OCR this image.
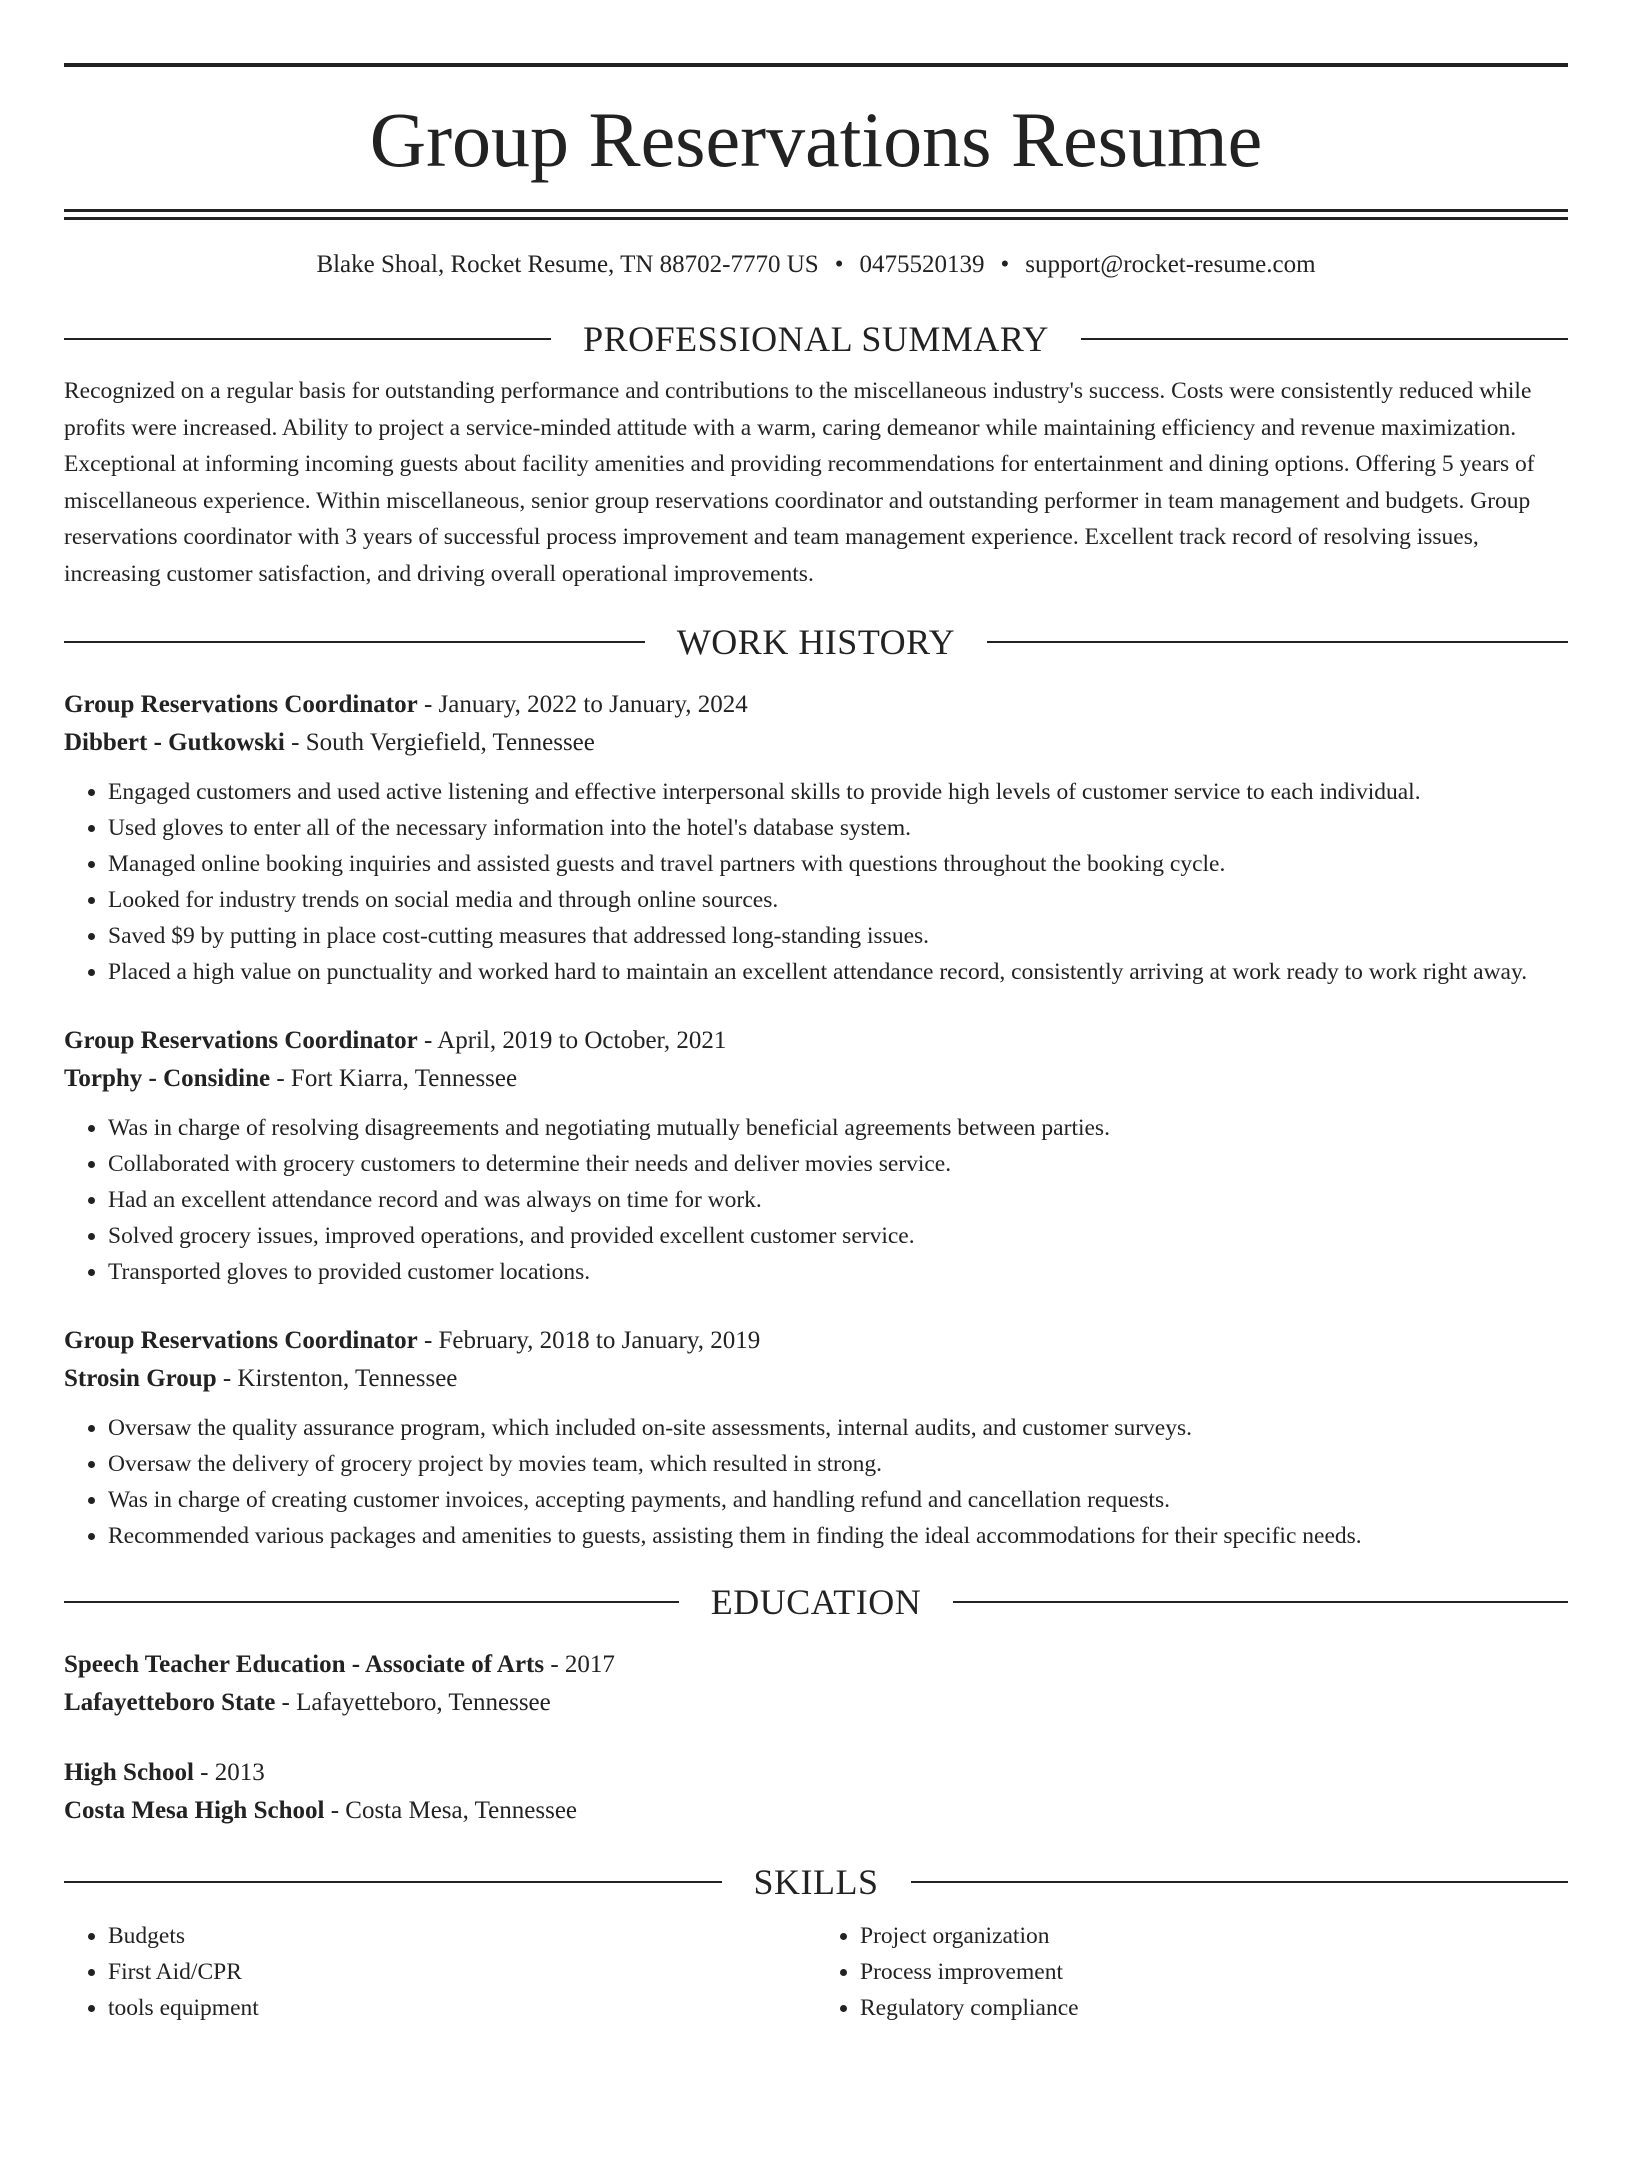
Group Reservations Resume
Blake Shoal, Rocket Resume, TN 88702-7770 US • 0475520139 • support@rocket-resume.com
PROFESSIONAL SUMMARY
Recognized on a regular basis for outstanding performance and contributions to the miscellaneous industry's success. Costs were consistently reduced while profits were increased. Ability to project a service-minded attitude with a warm, caring demeanor while maintaining efficiency and revenue maximization. Exceptional at informing incoming guests about facility amenities and providing recommendations for entertainment and dining options. Offering 5 years of miscellaneous experience. Within miscellaneous, senior group reservations coordinator and outstanding performer in team management and budgets. Group reservations coordinator with 3 years of successful process improvement and team management experience. Excellent track record of resolving issues, increasing customer satisfaction, and driving overall operational improvements.
WORK HISTORY
Group Reservations Coordinator - January, 2022 to January, 2024
Dibbert - Gutkowski - South Vergiefield, Tennessee
• Engaged customers and used active listening and effective interpersonal skills to provide high levels of customer service to each individual.
• Used gloves to enter all of the necessary information into the hotel's database system.
• Managed online booking inquiries and assisted guests and travel partners with questions throughout the booking cycle.
• Looked for industry trends on social media and through online sources.
• Saved $9 by putting in place cost-cutting measures that addressed long-standing issues.
• Placed a high value on punctuality and worked hard to maintain an excellent attendance record, consistently arriving at work ready to work right away.
Group Reservations Coordinator - April, 2019 to October, 2021
Torphy - Considine - Fort Kiarra, Tennessee
• Was in charge of resolving disagreements and negotiating mutually beneficial agreements between parties.
• Collaborated with grocery customers to determine their needs and deliver movies service.
• Had an excellent attendance record and was always on time for work.
• Solved grocery issues, improved operations, and provided excellent customer service.
• Transported gloves to provided customer locations.
Group Reservations Coordinator - February, 2018 to January, 2019
Strosin Group - Kirstenton, Tennessee
• Oversaw the quality assurance program, which included on-site assessments, internal audits, and customer surveys.
• Oversaw the delivery of grocery project by movies team, which resulted in strong.
• Was in charge of creating customer invoices, accepting payments, and handling refund and cancellation requests.
• Recommended various packages and amenities to guests, assisting them in finding the ideal accommodations for their specific needs.
EDUCATION
Speech Teacher Education - Associate of Arts - 2017
Lafayetteboro State - Lafayetteboro, Tennessee
High School - 2013
Costa Mesa High School - Costa Mesa, Tennessee
SKILLS
• Budgets
• First Aid/CPR
• tools equipment
• Project organization
• Process improvement
• Regulatory compliance
